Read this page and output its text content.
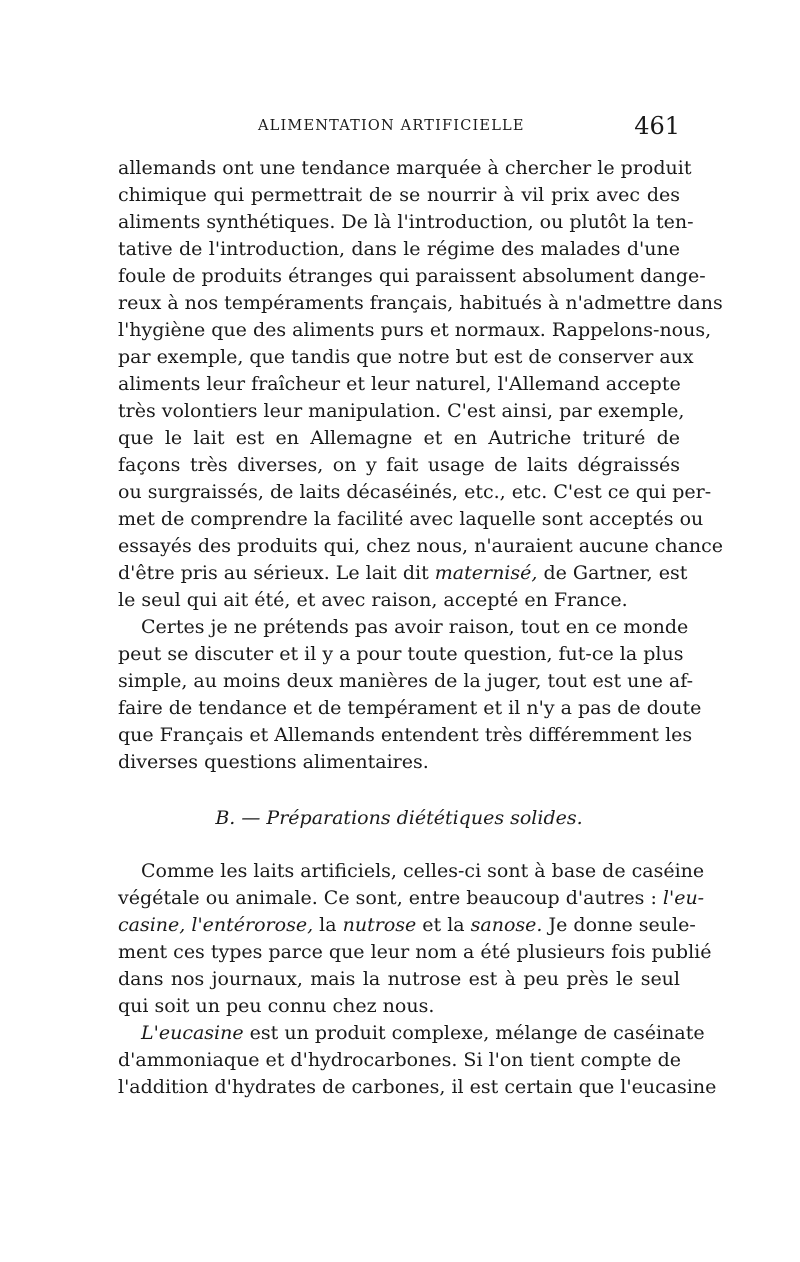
ALIMENTATION ARTIFICIELLE	461
allemands ont une tendance marquée à chercher le produit
chimique qui permettrait de se nourrir à vil prix avec des
aliments synthétiques. De là l'introduction, ou plutôt la ten-
tative de l'introduction, dans le régime des malades d'une
foule de produits étranges qui paraissent absolument dange-
reux à nos tempéraments français, habitués à n'admettre dans
l'hygiène que des aliments purs et normaux. Rappelons-nous,
par exemple, que tandis que notre but est de conserver aux
aliments leur fraîcheur et leur naturel, l'Allemand accepte
très volontiers leur manipulation. C'est ainsi, par exemple,
que le lait est en Allemagne et en Autriche trituré de
façons très diverses, on y fait usage de laits dégraissés
ou surgraissés, de laits décaséinés, etc., etc. C'est ce qui per-
met de comprendre la facilité avec laquelle sont acceptés ou
essayés des produits qui, chez nous, n'auraient aucune chance
d'être pris au sérieux. Le lait dit maternisé, de Gartner, est
le seul qui ait été, et avec raison, accepté en France.
Certes je ne prétends pas avoir raison, tout en ce monde
peut se discuter et il y a pour toute question, fut-ce la plus
simple, au moins deux manières de la juger, tout est une af-
faire de tendance et de tempérament et il n'y a pas de doute
que Français et Allemands entendent très différemment les
diverses questions alimentaires.
B. — Préparations diététiques solides.
Comme les laits artificiels, celles-ci sont à base de caséine
végétale ou animale. Ce sont, entre beaucoup d'autres : l'eu-
casine, l'entérorose, la nutrose et la sanose. Je donne seule-
ment ces types parce que leur nom a été plusieurs fois publié
dans nos journaux, mais la nutrose est à peu près le seul
qui soit un peu connu chez nous.
L'eucasine est un produit complexe, mélange de caséinate
d'ammoniaque et d'hydrocarbones. Si l'on tient compte de
l'addition d'hydrates de carbones, il est certain que l'eucasine
